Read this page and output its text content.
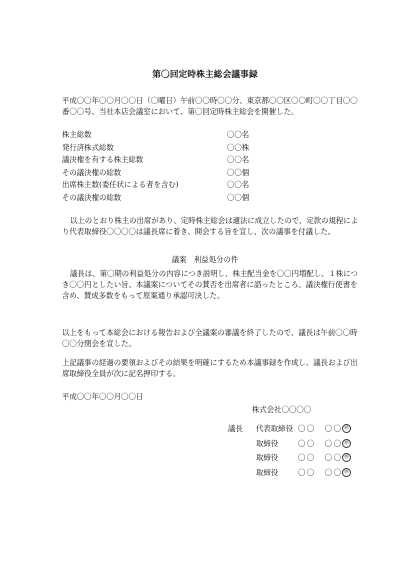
第〇回定時株主総会議事録

平成〇〇年〇〇月〇〇日（〇曜日）午前〇〇時〇〇分、東京都〇〇区〇〇町〇〇丁目〇〇番〇〇号、当社本店会議室において、第〇回定時株主総会を開催した。

株主総数	〇〇名
発行済株式総数	〇〇株
議決権を有する株主総数	〇〇名
その議決権の総数	〇〇個
出席株主数(委任状による者を含む)	〇〇名
その議決権の総数	〇〇個

以上のとおり株主の出席があり、定時株主総会は適法に成立したので、定款の規程により代表取締役〇〇〇〇は議長席に着き、開会する旨を宣し、次の議事を付議した。

議案　利益処分の件

議長は、第〇期の利益処分の内容につき説明し、株主配当金を〇〇円増配し、１株につき〇〇円としたい旨、本議案についてその賛否を出席者に諮ったところ、議決権行使書を含め、賛成多数をもって原案通り承認可決した。

以上をもって本総会における報告および全議案の審議を終了したので、議長は午前〇〇時〇〇分閉会を宣した。

上記議事の経過の要領およびその結果を明確にするため本議事録を作成し、議長および出席取締役全員が次に記名押印する。

平成〇〇年〇〇月〇〇日
株式会社〇〇〇〇
議長 代表取締役 〇〇　〇〇 ㊞
取締役	〇〇　〇〇 ㊞
取締役	〇〇　〇〇 ㊞
取締役	〇〇　〇〇 ㊞
